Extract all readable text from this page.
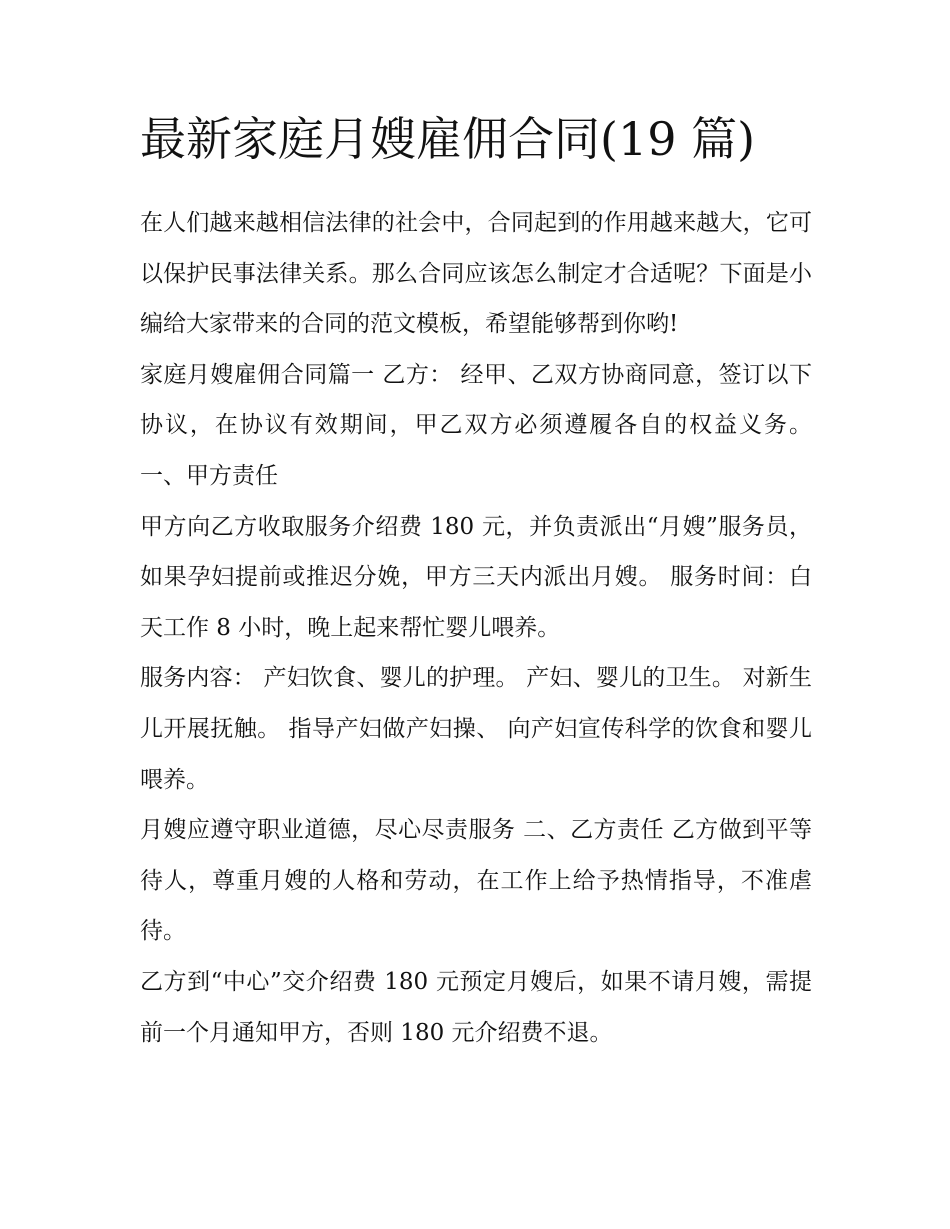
最新家庭月嫂雇佣合同(19 篇)

在人们越来越相信法律的社会中，合同起到的作用越来越大，它可以保护民事法律关系。那么合同应该怎么制定才合适呢？下面是小编给大家带来的合同的范文模板，希望能够帮到你哟!

家庭月嫂雇佣合同篇一 乙方： 经甲、乙双方协商同意，签订以下协议，在协议有效期间，甲乙双方必须遵履各自的权益义务。 一、甲方责任

甲方向乙方收取服务介绍费 180 元，并负责派出“月嫂”服务员，如果孕妇提前或推迟分娩，甲方三天内派出月嫂。 服务时间：白天工作 8 小时，晚上起来帮忙婴儿喂养。

服务内容： 产妇饮食、婴儿的护理。 产妇、婴儿的卫生。 对新生儿开展抚触。 指导产妇做产妇操、 向产妇宣传科学的饮食和婴儿喂养。

月嫂应遵守职业道德，尽心尽责服务 二、乙方责任 乙方做到平等待人，尊重月嫂的人格和劳动，在工作上给予热情指导，不准虐待。

乙方到“中心”交介绍费 180 元预定月嫂后，如果不请月嫂，需提前一个月通知甲方，否则 180 元介绍费不退。
